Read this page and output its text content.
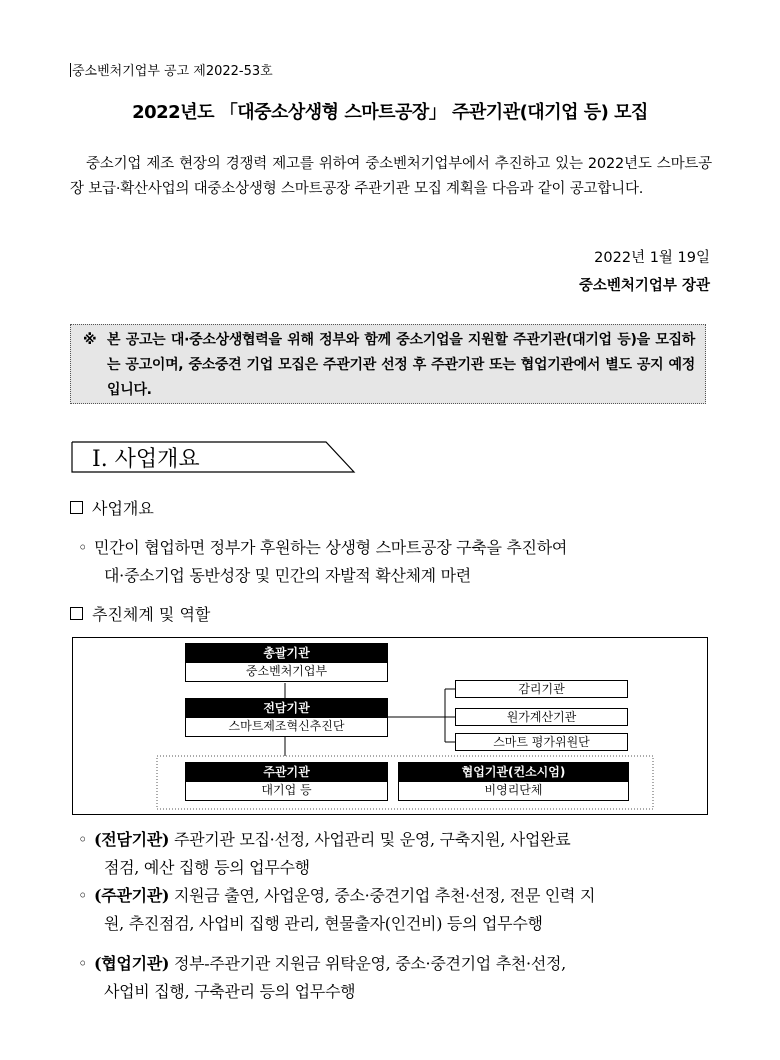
중소벤처기업부 공고 제2022-53호
2022년도 「대중소상생형 스마트공장」 주관기관(대기업 등) 모집
중소기업 제조 현장의 경쟁력 제고를 위하여 중소벤처기업부에서 추진하고 있는 2022년도 스마트공장 보급·확산사업의 대중소상생형 스마트공장 주관기관 모집 계획을 다음과 같이 공고합니다.
2022년 1월 19일
중소벤처기업부 장관
※ 본 공고는 대·중소상생협력을 위해 정부와 함께 중소기업을 지원할 주관기관(대기업 등)을 모집하는 공고이며, 중소중견 기업 모집은 주관기관 선정 후 주관기관 또는 협업기관에서 별도 공지 예정입니다.
Ⅰ. 사업개요
사업개요
◦ 민간이 협업하면 정부가 후원하는 상생형 스마트공장 구축을 추진하여
대·중소기업 동반성장 및 민간의 자발적 확산체계 마련
추진체계 및 역할
총괄기관
중소벤처기업부
전담기관
스마트제조혁신추진단
감리기관
원가계산기관
스마트 평가위원단
주관기관
대기업 등
협업기관(컨소시엄)
비영리단체
◦ (전담기관) 주관기관 모집·선정, 사업관리 및 운영, 구축지원, 사업완료
점검, 예산 집행 등의 업무수행
◦ (주관기관) 지원금 출연, 사업운영, 중소·중견기업 추천·선정, 전문 인력 지
원, 추진점검, 사업비 집행 관리, 현물출자(인건비) 등의 업무수행
◦ (협업기관) 정부-주관기관 지원금 위탁운영, 중소·중견기업 추천·선정,
사업비 집행, 구축관리 등의 업무수행
